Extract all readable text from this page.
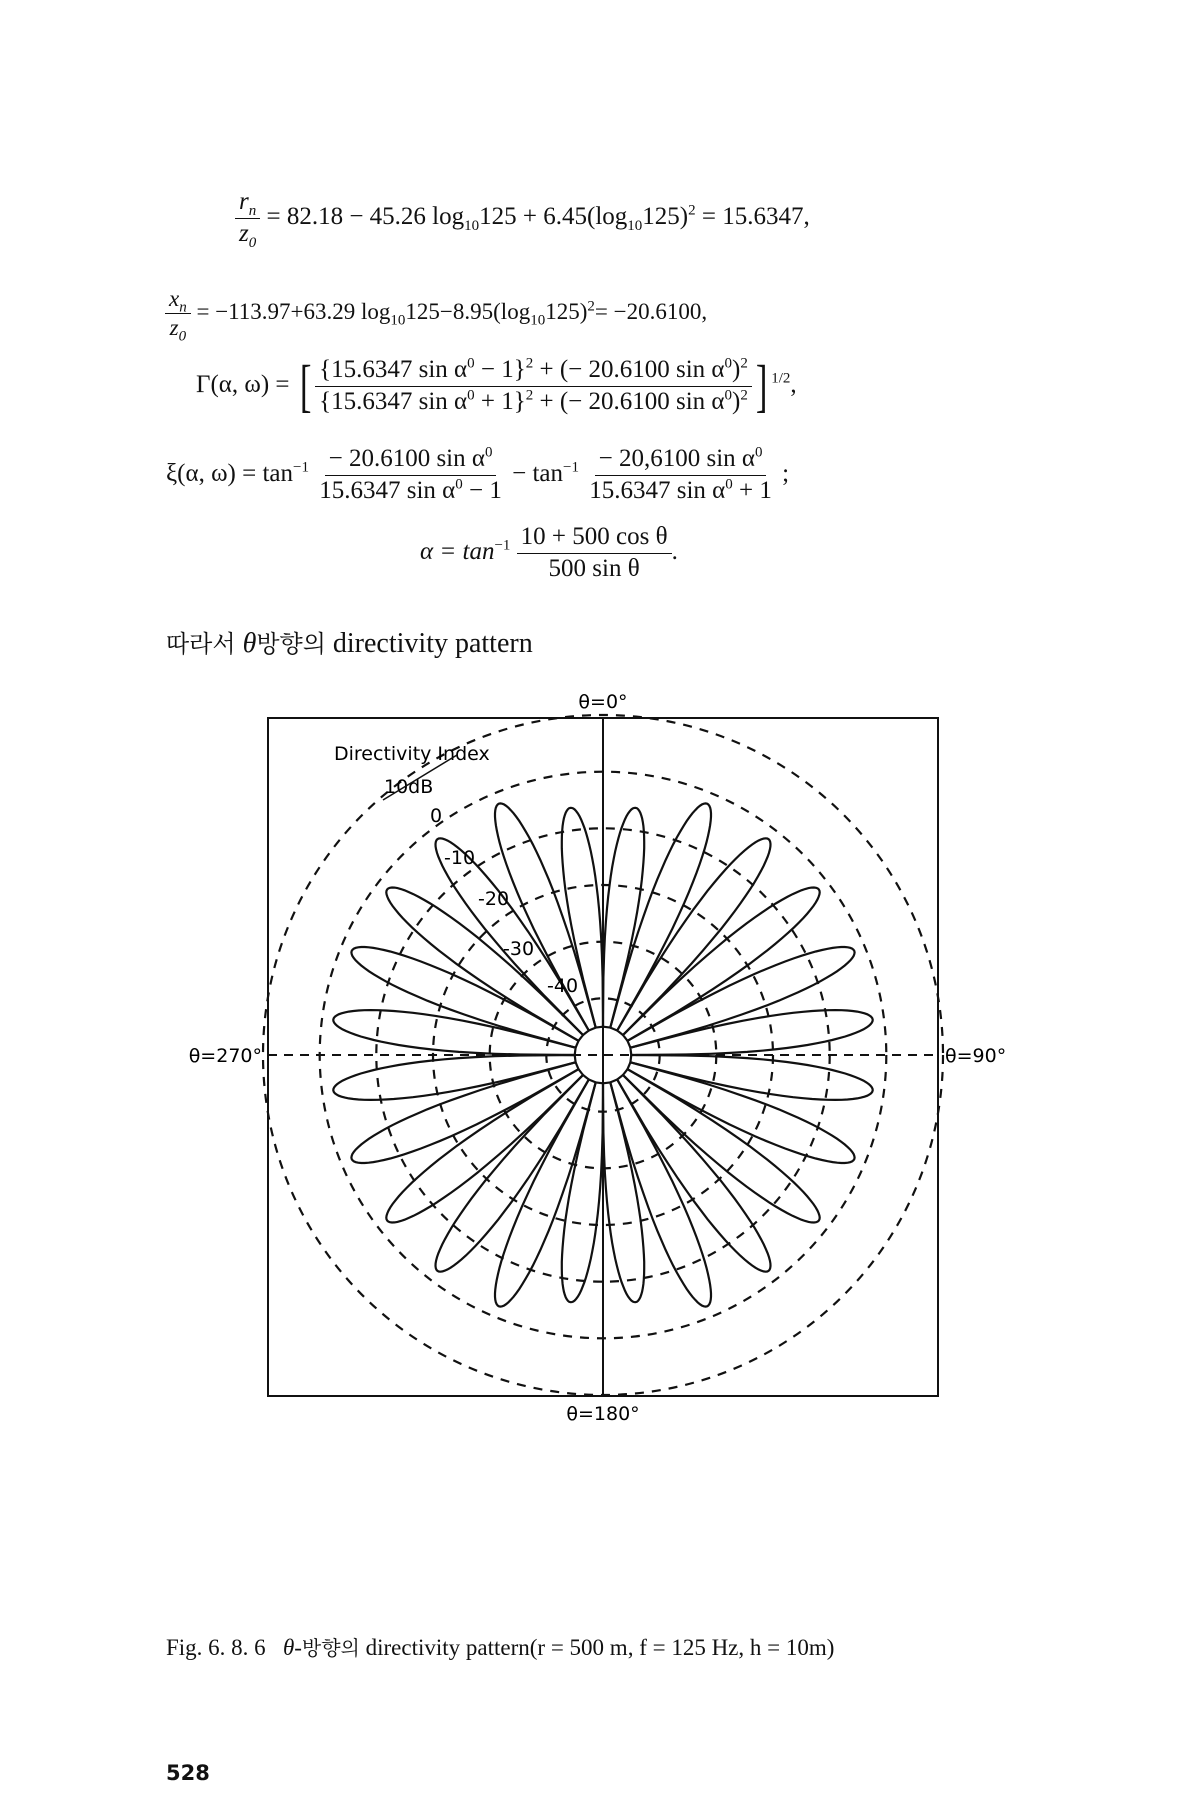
$\frac{r_n}{z_0} = 82.18 - 45.26$ $\log_{10}125 + 6.45(\log_{10}125)^2 = 15.6347$,
$\frac{x_n}{z_0} = -113.97+63.29$ $\log_{10}125-8.95(\log_{10}125)^2= -20.6100$,
Γ(α, ω) = [ $\frac{\{15.6347 \sin \alpha^0 - 1\}^2 + (- 20.6100 \sin \alpha^0)^2}{\{15.6347 \sin \alpha^0 + 1\}^2 + (- 20.6100 \sin \alpha^0)^2}$ ] $^{1/2}$,
ξ(α, $\omega) = \tan^{-1} \frac{- 20.6100 \sin \alpha^0}{15.6347 \sin \alpha^0 - 1} - \tan^{-1} \frac{- 20,6100 \sin \alpha^0}{15.6347 \sin \alpha^0 + 1}$ ;
$\alpha = \tan^{-1} \frac{\text{10 + 500 cos θ}}{\text{500 sin θ}}$ .
따라서 θ방향의 directivity pattern
θ=0°
θ=90°
θ=180°
θ=270°
Directivity Index
10dB
0
-10
-20
-30
-40
Fig. 6. 8. 6 θ-방향의 directivity pattern(r = 500 m, f = 125 Hz, h = 10m)
528
